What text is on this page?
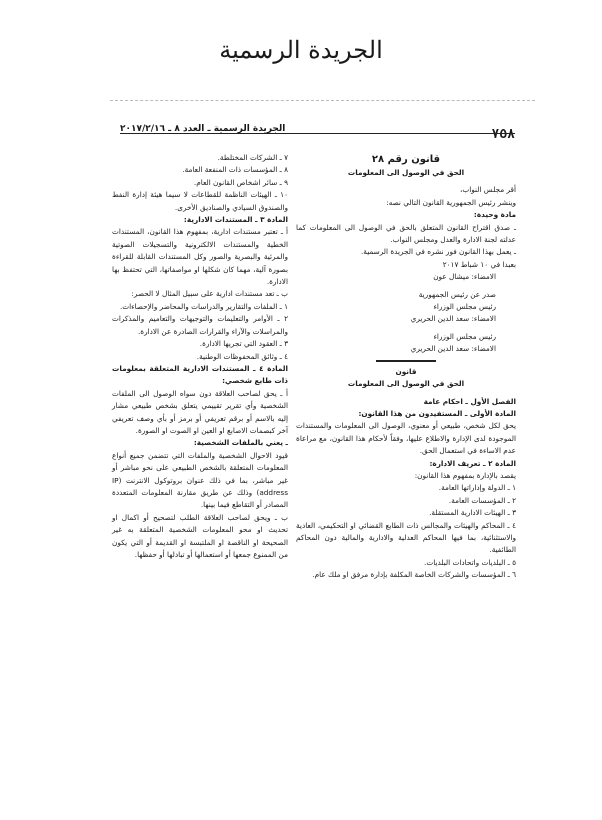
الجريدة الرسمية
٧٥٨
الجريدة الرسمية ـ العدد ٨ ـ ٢٠١٧/٢/١٦

قانون رقم ٢٨

الحق في الوصول الى المعلومات

أقر مجلس النواب،

وينشر رئيس الجمهورية القانون التالي نصه:

مادة وحيدة:

ـ صدق اقتراح القانون المتعلق بالحق في الوصول الى المعلومات كما عدلته لجنة الادارة والعدل ومجلس النواب.

ـ يعمل بهذا القانون فور نشره في الجريدة الرسمية.

بعبدا في ١٠ شباط ٢٠١٧

الامضاء: ميشال عون

صدر عن رئيس الجمهورية

رئيس مجلس الوزراء

الامضاء: سعد الدين الحريري

رئيس مجلس الوزراء

الامضاء: سعد الدين الحريري

قانون

الحق في الوصول الى المعلومات

الفصل الأول ـ احكام عامة

المادة الأولى ـ المستفيدون من هذا القانون:

يحق لكل شخص، طبيعي أو معنوي، الوصول الى المعلومات والمستندات الموجودة لدى الإدارة والاطلاع عليها، وفقاً لأحكام هذا القانون، مع مراعاة عدم الاساءة في استعمال الحق.

المادة ٢ ـ تعريف الادارة:

يقصد بالإدارة بمفهوم هذا القانون:

١ ـ الدولة وإداراتها العامة.

٢ ـ المؤسسات العامة.

٣ ـ الهيئات الادارية المستقلة.

٤ ـ المحاكم والهيئات والمجالس ذات الطابع القضائي او التحكيمي، العادية والاستثنائية، بما فيها المحاكم العدلية والادارية والمالية دون المحاكم الطائفية.

٥ ـ البلديات واتحادات البلديات.

٦ ـ المؤسسات والشركات الخاصة المكلفة بإدارة مرفق او ملك عام.

٧ ـ الشركات المختلطة.

٨ ـ المؤسسات ذات المنفعة العامة.

٩ ـ سائر اشخاص القانون العام.

١٠ ـ الهيئات الناظمة للقطاعات لا سيما هيئة إدارة النفط والصندوق السيادي والصناديق الأخرى.

المادة ٣ ـ المستندات الادارية:

أ ـ تعتبر مستندات ادارية، بمفهوم هذا القانون، المستندات الخطية والمستندات الالكترونية والتسجيلات الصوتية والمرئية والبصرية والصور وكل المستندات القابلة للقراءة بصورة آلية، مهما كان شكلها او مواصفاتها، التي تحتفظ بها الادارة.

ب ـ تعد مستندات ادارية على سبيل المثال لا الحصر:

١ ـ الملفات والتقارير والدراسات والمحاضر والإحصاءات.

٢ ـ الأوامر والتعليمات والتوجيهات والتعاميم والمذكرات والمراسلات والآراء والقرارات الصادرة عن الادارة.

٣ ـ العقود التي تجريها الادارة.

٤ ـ وثائق المحفوظات الوطنية.

المادة ٤ ـ المستندات الادارية المتعلقة بمعلومات ذات طابع شخصي:

أ ـ يحق لصاحب العلاقة دون سواه الوصول الى الملفات الشخصية وأي تقرير تقييمي يتعلق بشخص طبيعي مشار إليه بالاسم أو برقم تعريفي أو برمز أو بأي وصف تعريفي آخر كبصمات الاصابع او العين او الصوت او الصورة.

ـ يعني بالملفات الشخصية:

قيود الاحوال الشخصية والملفات التي تتضمن جميع أنواع المعلومات المتعلقة بالشخص الطبيعي على نحو مباشر أو غير مباشر، بما في ذلك عنوان بروتوكول الانترنت (IP address) وذلك عن طريق مقارنة المعلومات المتعددة المصادر أو التقاطع فيما بينها.

ب ـ ويحق لصاحب العلاقة الطلب لتصحيح أو اكمال او تحديث او محو المعلومات الشخصية المتعلقة به غير الصحيحة او الناقصة او الملتبسة او القديمة أو التي يكون من الممنوع جمعها أو استعمالها أو تبادلها أو حفظها.
